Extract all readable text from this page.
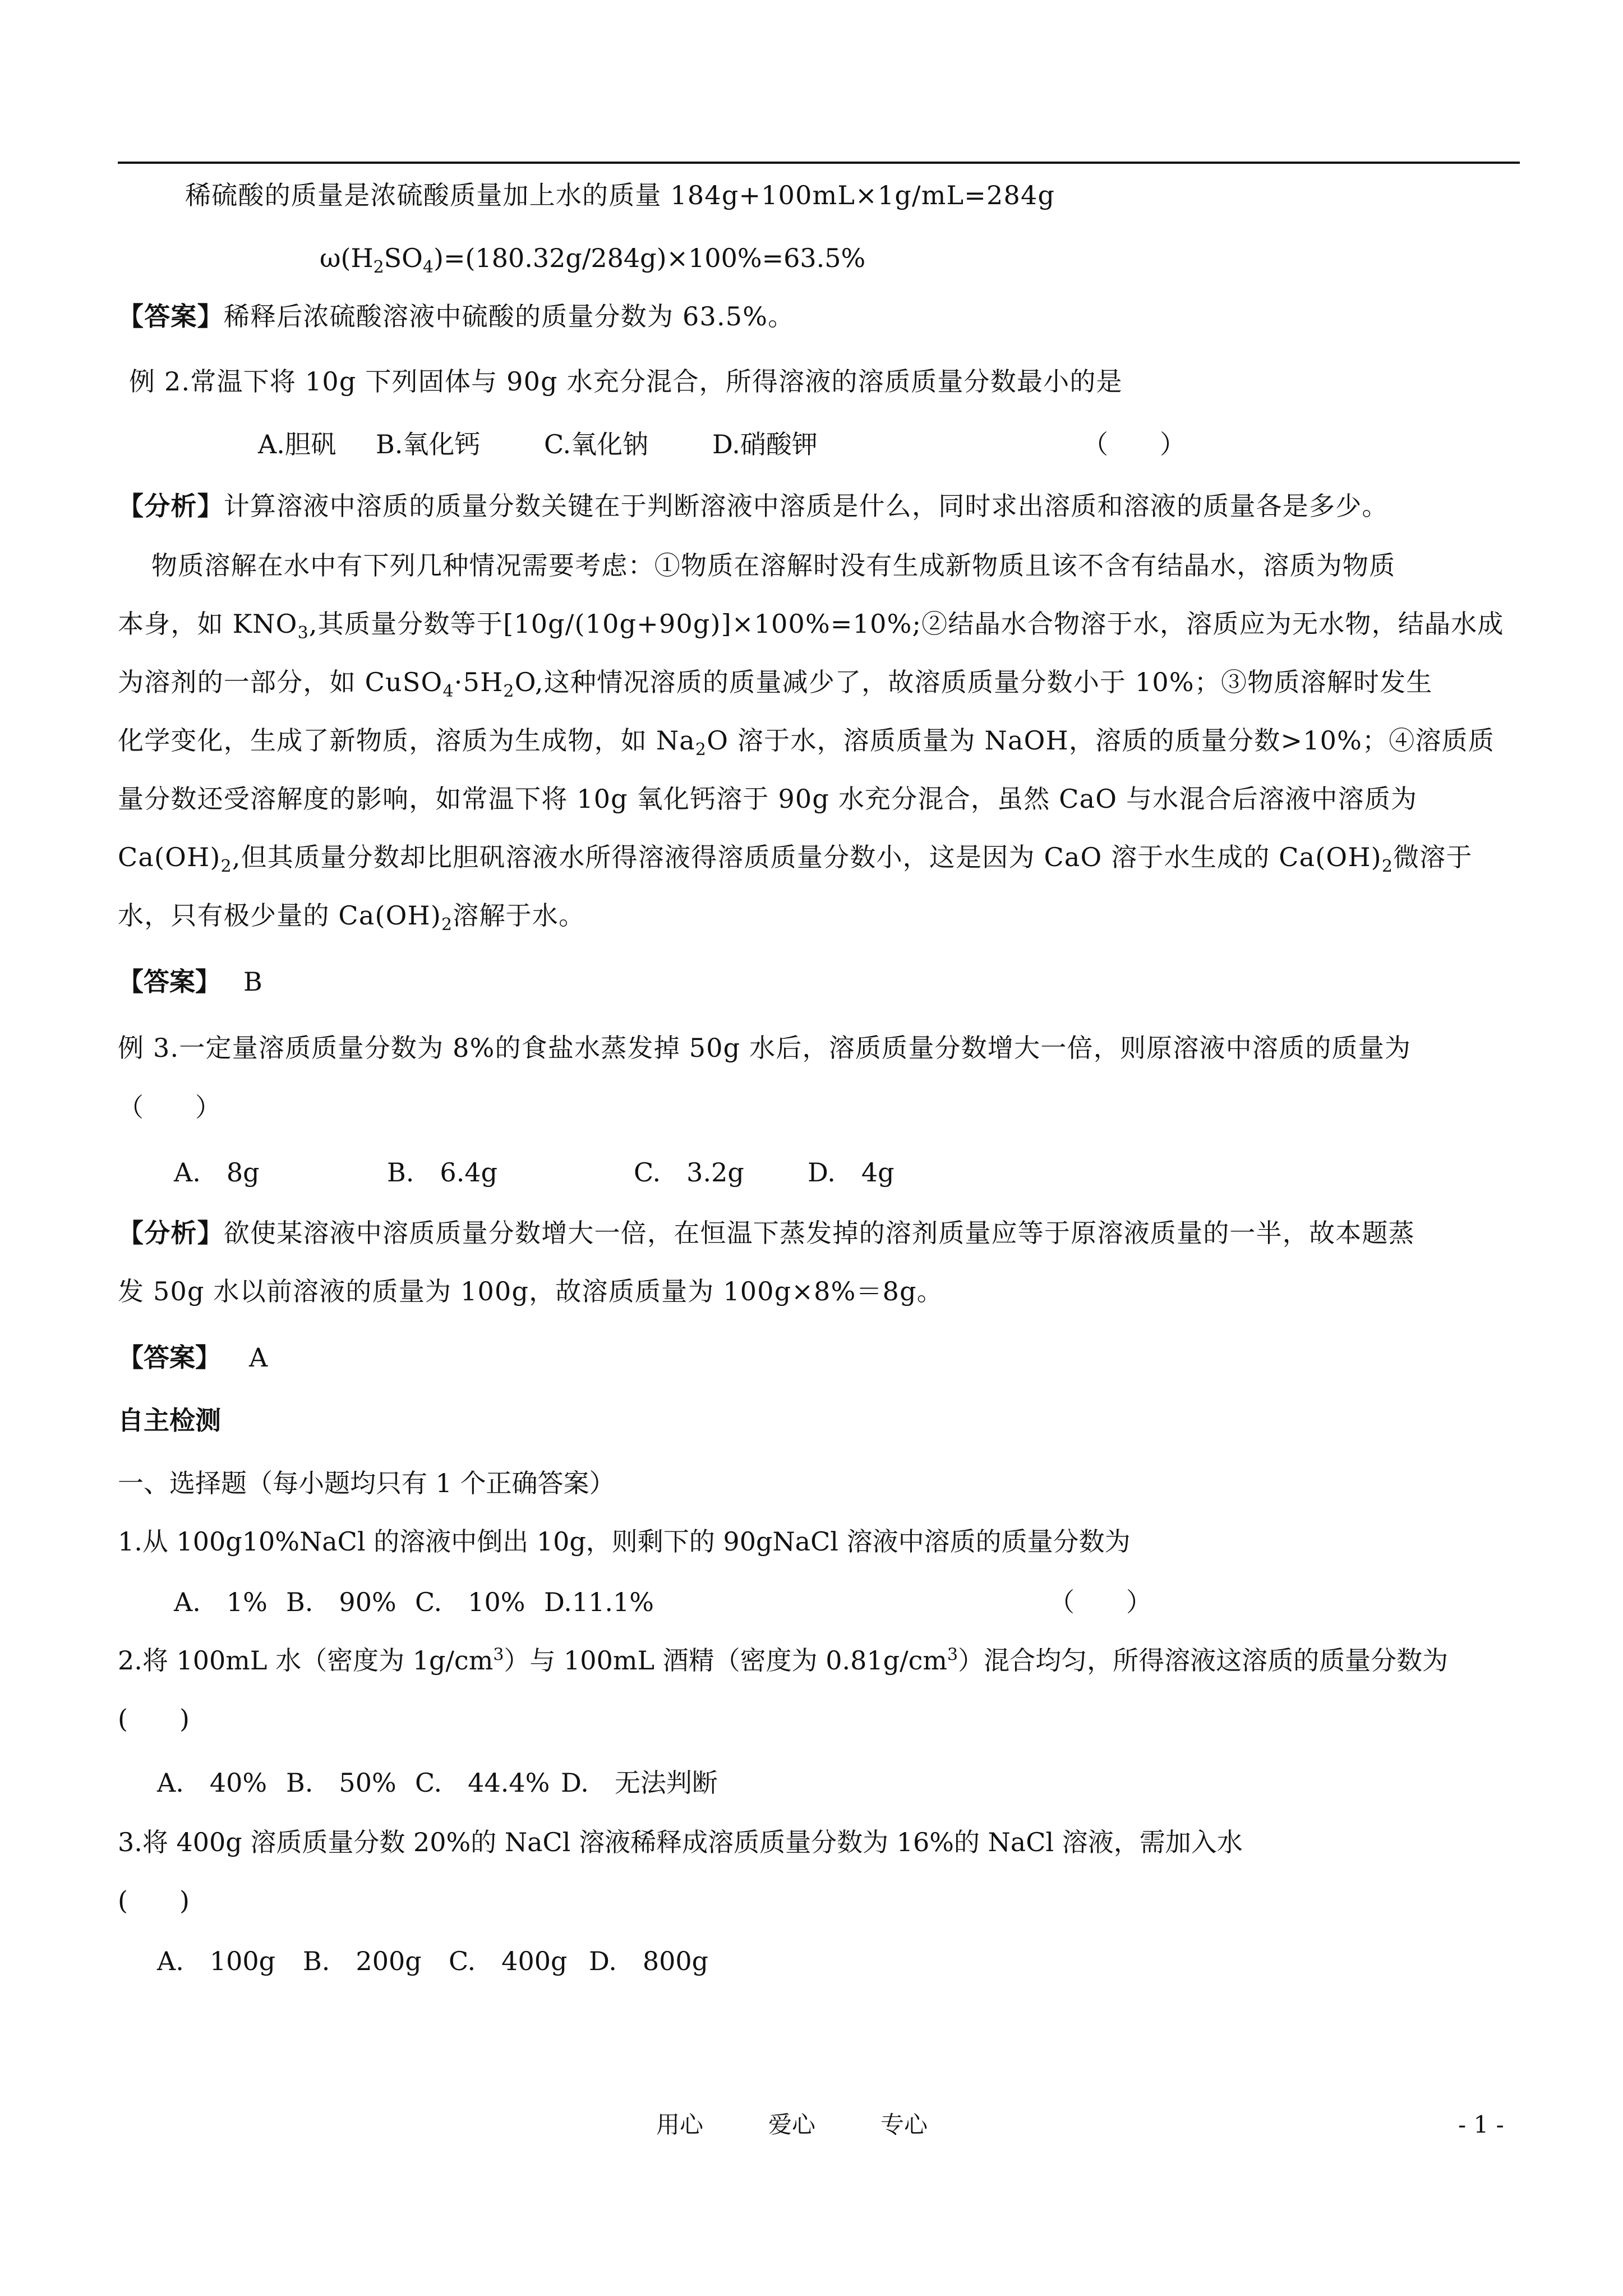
稀硫酸的质量是浓硫酸质量加上水的质量 184g+100mL×1g/mL=284g
$\omega(H_2SO_4)=(180.32g/284g)\times 100\%=63.5\%$
【答案】稀释后浓硫酸溶液中硫酸的质量分数为 63.5%。
例 2.常温下将 10g 下列固体与 90g 水充分混合，所得溶液的溶质质量分数最小的是
A.胆矾 B.氧化钙 C.氧化钠 D.硝酸钾	（　　）
【分析】计算溶液中溶质的质量分数关键在于判断溶液中溶质是什么，同时求出溶质和溶液的质量各是多少。
物质溶解在水中有下列几种情况需要考虑：①物质在溶解时没有生成新物质且该不含有结晶水，溶质为物质
本身，如 $KNO_3$,其质量分数等于[10g/(10g+90g)]×100%=10%;②结晶水合物溶于水，溶质应为无水物，结晶水成
为溶剂的一部分，如 $CuSO_4\cdot 5H_2O$,这种情况溶质的质量减少了，故溶质质量分数小于 10%；③物质溶解时发生
化学变化，生成了新物质，溶质为生成物，如 $Na_2O$ 溶于水，溶质质量为 NaOH，溶质的质量分数>10%；④溶质质
量分数还受溶解度的影响，如常温下将 10g 氧化钙溶于 90g 水充分混合，虽然 CaO 与水混合后溶液中溶质为
$Ca(OH)_2$,但其质量分数却比胆矾溶液水所得溶液得溶质质量分数小，这是因为 CaO 溶于水生成的 $Ca(OH)_2$微溶于
水，只有极少量的 $Ca(OH)_2$溶解于水。
【答案】 B
例 3.一定量溶质质量分数为 8%的食盐水蒸发掉 50g 水后，溶质质量分数增大一倍，则原溶液中溶质的质量为
（　　）
A.　8g	B.　6.4g	C.　3.2g D.　4g
【分析】欲使某溶液中溶质质量分数增大一倍，在恒温下蒸发掉的溶剂质量应等于原溶液质量的一半，故本题蒸
发 50g 水以前溶液的质量为 100g，故溶质质量为 100g×8%＝8g。
【答案】 A
自主检测
一、选择题（每小题均只有 1 个正确答案）
1.从 100g10%NaCl 的溶液中倒出 10g，则剩下的 90gNaCl 溶液中溶质的质量分数为
A.　1% B.　90% C.　10% D.11.1%	（　　）
2.将 100mL 水（密度为 $1g/cm^3$）与 100mL 酒精（密度为 $0.81g/cm^3$）混合均匀，所得溶液这溶质的质量分数为
(　　)
A.　40% B.　50% C.　44.4% D.　无法判断
3.将 400g 溶质质量分数 20%的 NaCl 溶液稀释成溶质质量分数为 16%的 NaCl 溶液，需加入水
(　　)
A.　100g B.　200g C.　400g D.　800g
用心	爱心	专心	- 1 -
